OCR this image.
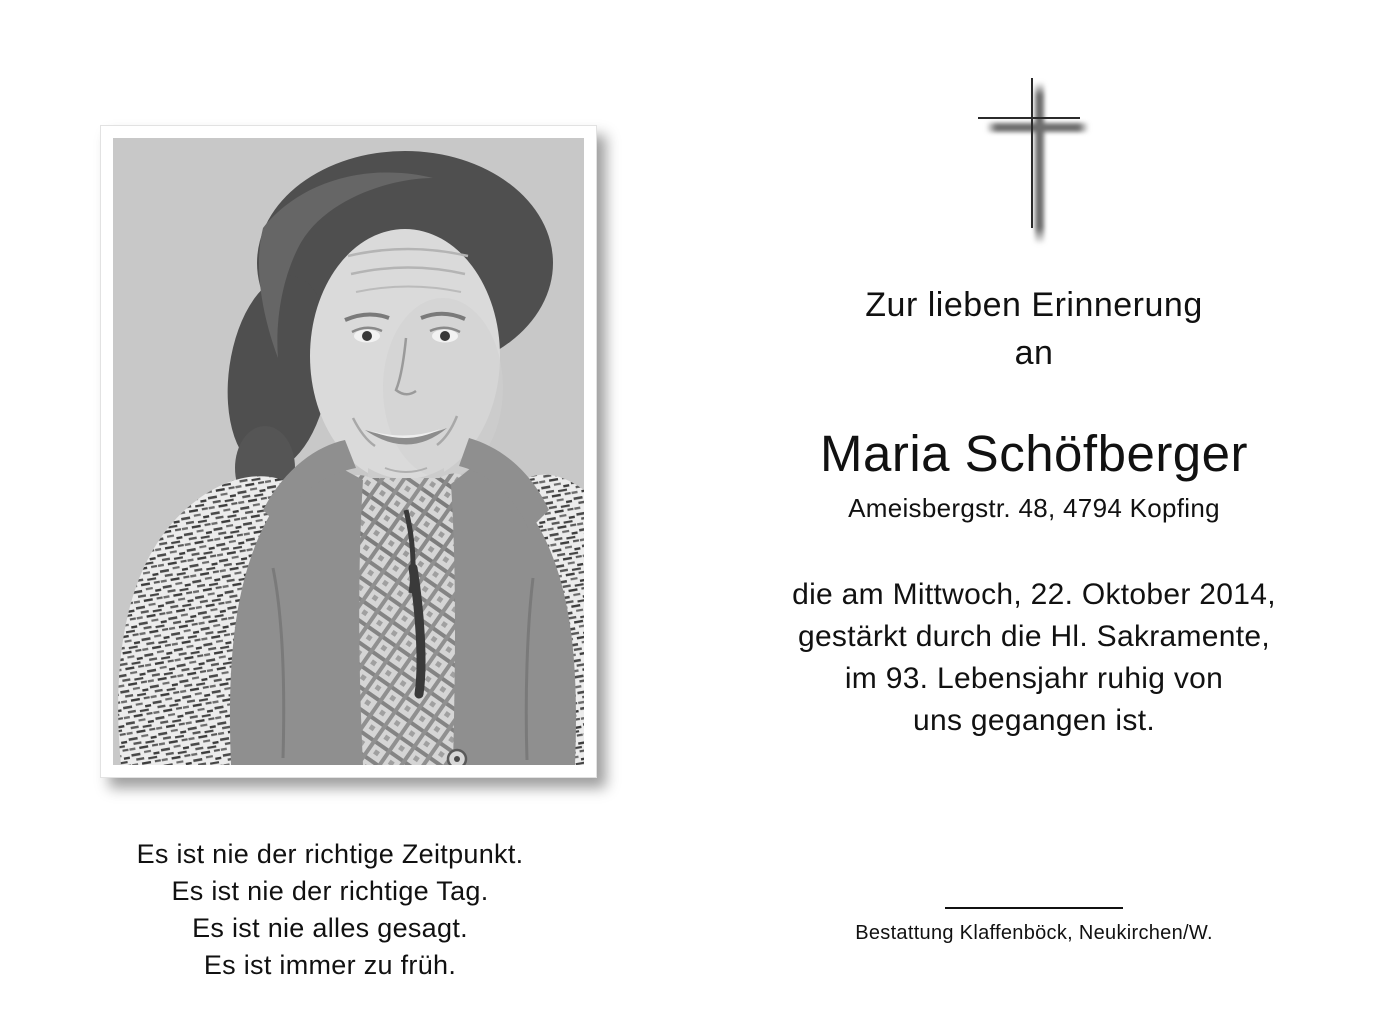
Es ist nie der richtige Zeitpunkt.
Es ist nie der richtige Tag.
Es ist nie alles gesagt.
Es ist immer zu früh.
Zur lieben Erinnerung
an
Maria Schöfberger
Ameisbergstr. 48, 4794 Kopfing
die am Mittwoch, 22. Oktober 2014,
gestärkt durch die Hl. Sakramente,
im 93. Lebensjahr ruhig von
uns gegangen ist.
Bestattung Klaffenböck, Neukirchen/W.
